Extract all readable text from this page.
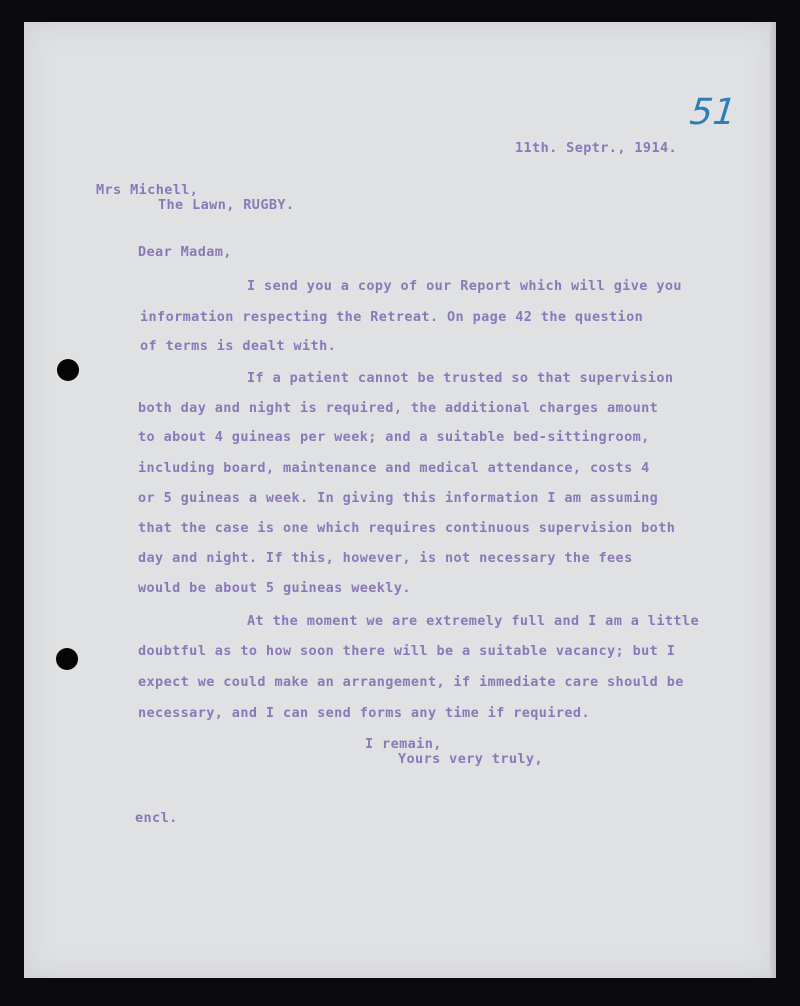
51
11th. Septr., 1914.
Mrs Michell,
The Lawn, RUGBY.
Dear Madam,
I send you a copy of our Report which will give you
information respecting the Retreat. On page 42 the question
of terms is dealt with.
If a patient cannot be trusted so that supervision
both day and night is required, the additional charges amount
to about 4 guineas per week; and a suitable bed-sittingroom,
including board, maintenance and medical attendance, costs 4
or 5 guineas a week. In giving this information I am assuming
that the case is one which requires continuous supervision both
day and night. If this, however, is not necessary the fees
would be about 5 guineas weekly.
At the moment we are extremely full and I am a little
doubtful as to how soon there will be a suitable vacancy; but I
expect we could make an arrangement, if immediate care should be
necessary, and I can send forms any time if required.
I remain,
Yours very truly,
encl.
